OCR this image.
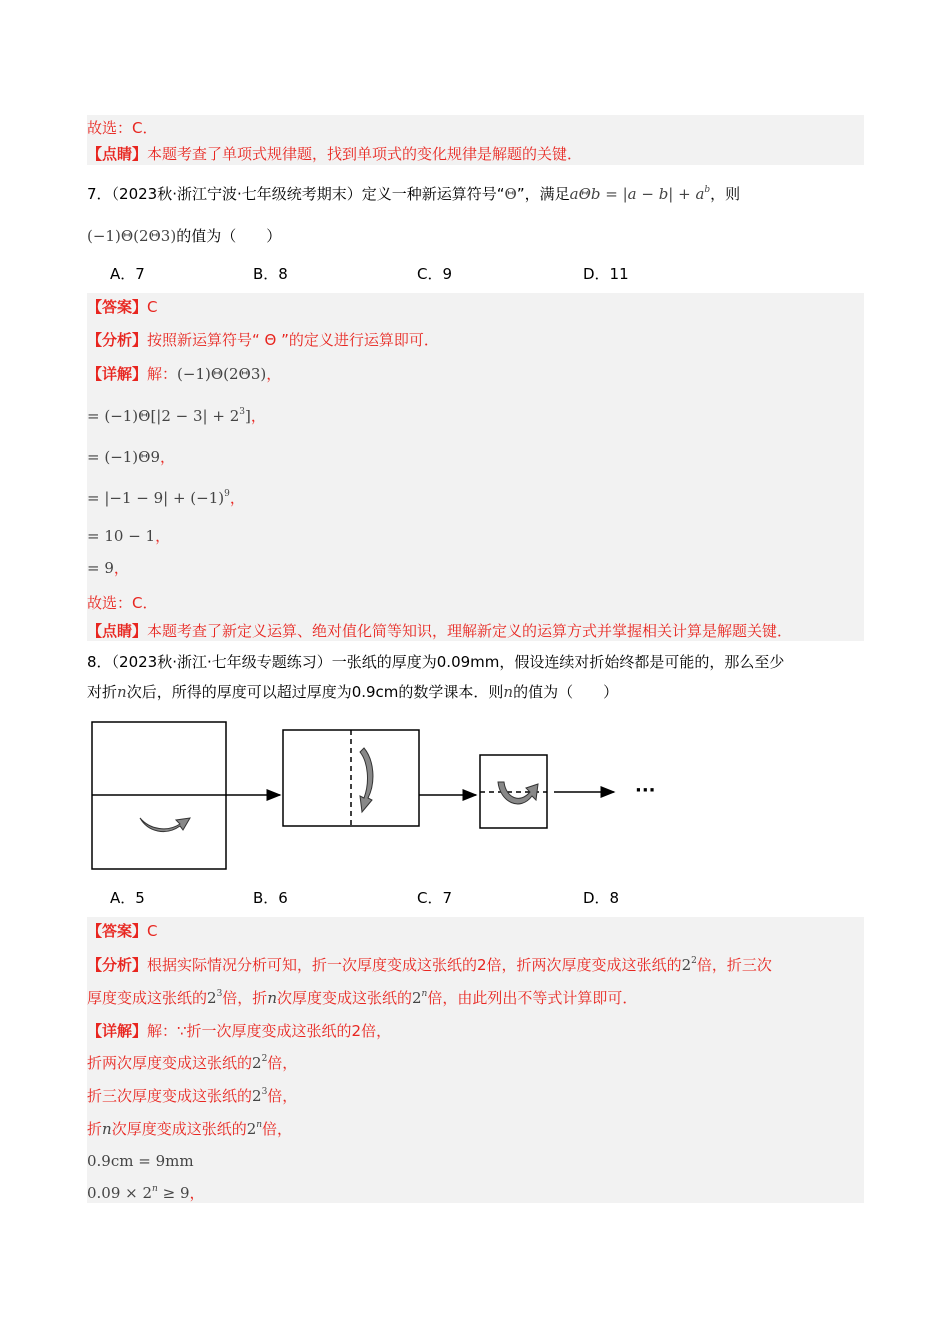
故选：C．
【点睛】本题考查了单项式规律题，找到单项式的变化规律是解题的关键．
7．（2023秋·浙江宁波·七年级统考期末）定义一种新运算符号“Θ”，满足$a\Theta b = |a - b| + a^b$，则
(−1)Θ(2Θ3)的值为（　　）
A．7	B．8	C．9	D．11
【答案】C
【分析】按照新运算符号“ Θ ”的定义进行运算即可．
【详解】解：(−1)Θ(2Θ3)，
= $(-1)\Theta[|2 - 3| + 2^3]$，
= (−1)Θ9，
= $|-1 - 9| + (-1)^9$，
= 10 − 1，
= 9，
故选：C．
【点睛】本题考查了新定义运算、绝对值化简等知识，理解新定义的运算方式并掌握相关计算是解题关键．
8．（2023秋·浙江·七年级专题练习）一张纸的厚度为0.09mm，假设连续对折始终都是可能的，那么至少
对折n次后，所得的厚度可以超过厚度为0.9cm的数学课本．则n的值为（　　）
···
A．5	B．6	C．7	D．8
【答案】C
【分析】根据实际情况分析可知，折一次厚度变成这张纸的2倍，折两次厚度变成这张纸的$2^2$倍，折三次
厚度变成这张纸的$2^3$倍，折n次厚度变成这张纸的2$^n$倍，由此列出不等式计算即可．
【详解】解：∵折一次厚度变成这张纸的2倍，
折两次厚度变成这张纸的$2^2$倍，
折三次厚度变成这张纸的$2^3$倍，
折n次厚度变成这张纸的2$^n$倍，
0.9cm = 9mm
$0.09 \times 2^n \ge 9$，
